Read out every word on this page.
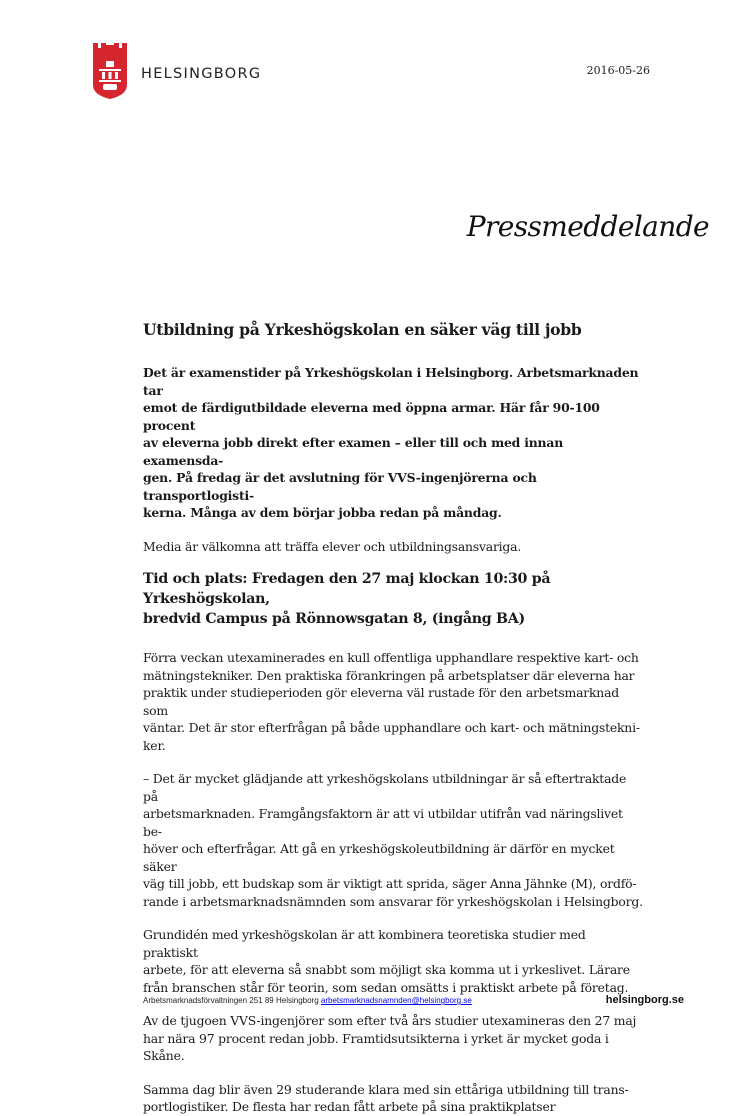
HELSINGBORG	2016-05-26
Pressmeddelande
Utbildning på Yrkeshögskolan en säker väg till jobb

Det är examenstider på Yrkeshögskolan i Helsingborg. Arbetsmarknaden tar
emot de färdigutbildade eleverna med öppna armar. Här får 90-100 procent
av eleverna jobb direkt efter examen – eller till och med innan examensda-
gen. På fredag är det avslutning för VVS-ingenjörerna och transportlogisti-
kerna. Många av dem börjar jobba redan på måndag.

Media är välkomna att träffa elever och utbildningsansvariga.

Tid och plats: Fredagen den 27 maj klockan 10:30 på Yrkeshögskolan,
bredvid Campus på Rönnowsgatan 8, (ingång BA)

Förra veckan utexaminerades en kull offentliga upphandlare respektive kart- och
mätningstekniker. Den praktiska förankringen på arbetsplatser där eleverna har
praktik under studieperioden gör eleverna väl rustade för den arbetsmarknad som
väntar. Det är stor efterfrågan på både upphandlare och kart- och mätningstekni-
ker.

– Det är mycket glädjande att yrkeshögskolans utbildningar är så eftertraktade på
arbetsmarknaden. Framgångsfaktorn är att vi utbildar utifrån vad näringslivet be-
höver och efterfrågar. Att gå en yrkeshögskoleutbildning är därför en mycket säker
väg till jobb, ett budskap som är viktigt att sprida, säger Anna Jähnke (M), ordfö-
rande i arbetsmarknadsnämnden som ansvarar för yrkeshögskolan i Helsingborg.

Grundidén med yrkeshögskolan är att kombinera teoretiska studier med praktiskt
arbete, för att eleverna så snabbt som möjligt ska komma ut i yrkeslivet. Lärare
från branschen står för teorin, som sedan omsätts i praktiskt arbete på företag.

Av de tjugoen VVS-ingenjörer som efter två års studier utexamineras den 27 maj
har nära 97 procent redan jobb. Framtidsutsikterna i yrket är mycket goda i Skåne.

Samma dag blir även 29 studerande klara med sin ettåriga utbildning till trans-
portlogistiker. De flesta har redan fått arbete på sina praktikplatser

Arbetsmarknadsförvaltningen 251 89 Helsingborg arbetsmarknadsnamnden@helsingborg.se	helsingborg.se
